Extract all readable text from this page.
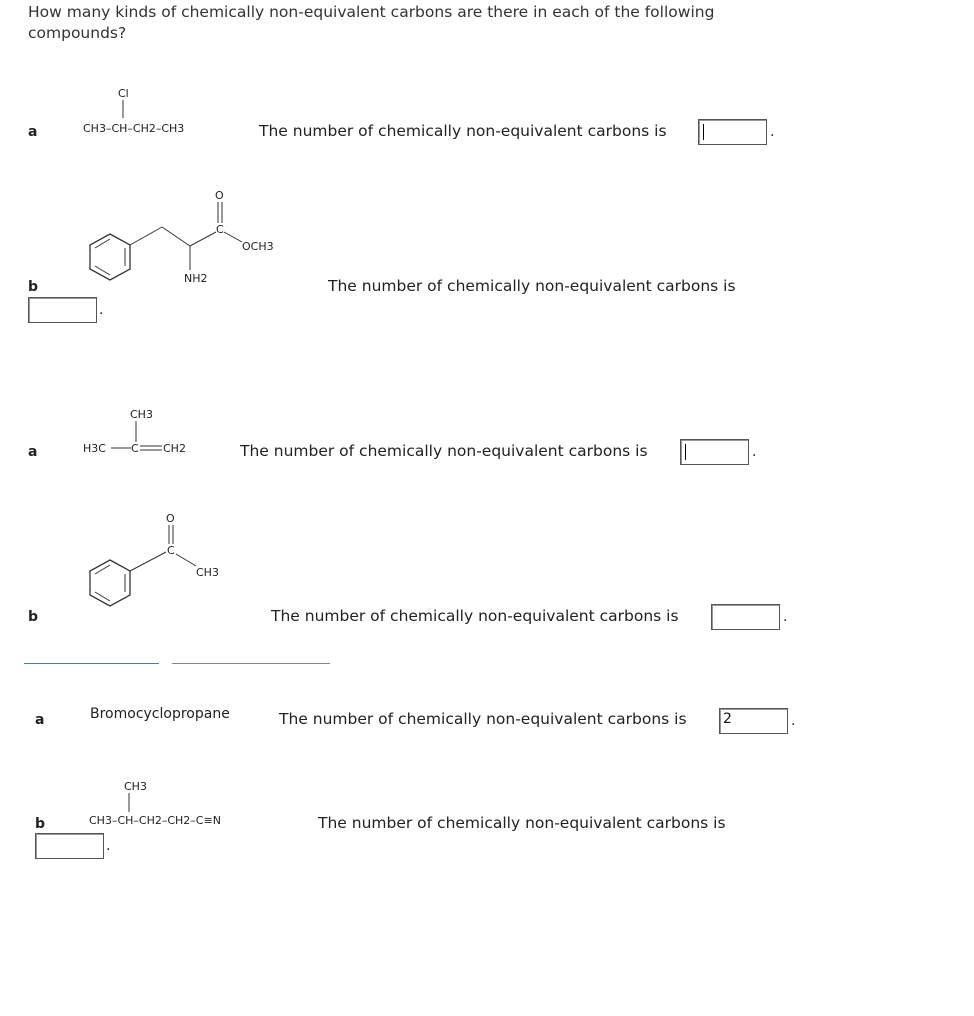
How many kinds of chemically non-equivalent carbons are there in each of the following compounds?
a
Cl
CH3–CH–CH2–CH3	The number of chemically non-equivalent carbons is	.
b
NH2
C
O
OCH3
The number of chemically non-equivalent carbons is
.
a
CH3
H3C C CH2	The number of chemically non-equivalent carbons is	.
b
C
O
CH3
The number of chemically non-equivalent carbons is	.
a	Bromocyclopropane	The number of chemically non-equivalent carbons is	2	.
b
CH3
CH3–CH–CH2–CH2–C≡N	The number of chemically non-equivalent carbons is
.
